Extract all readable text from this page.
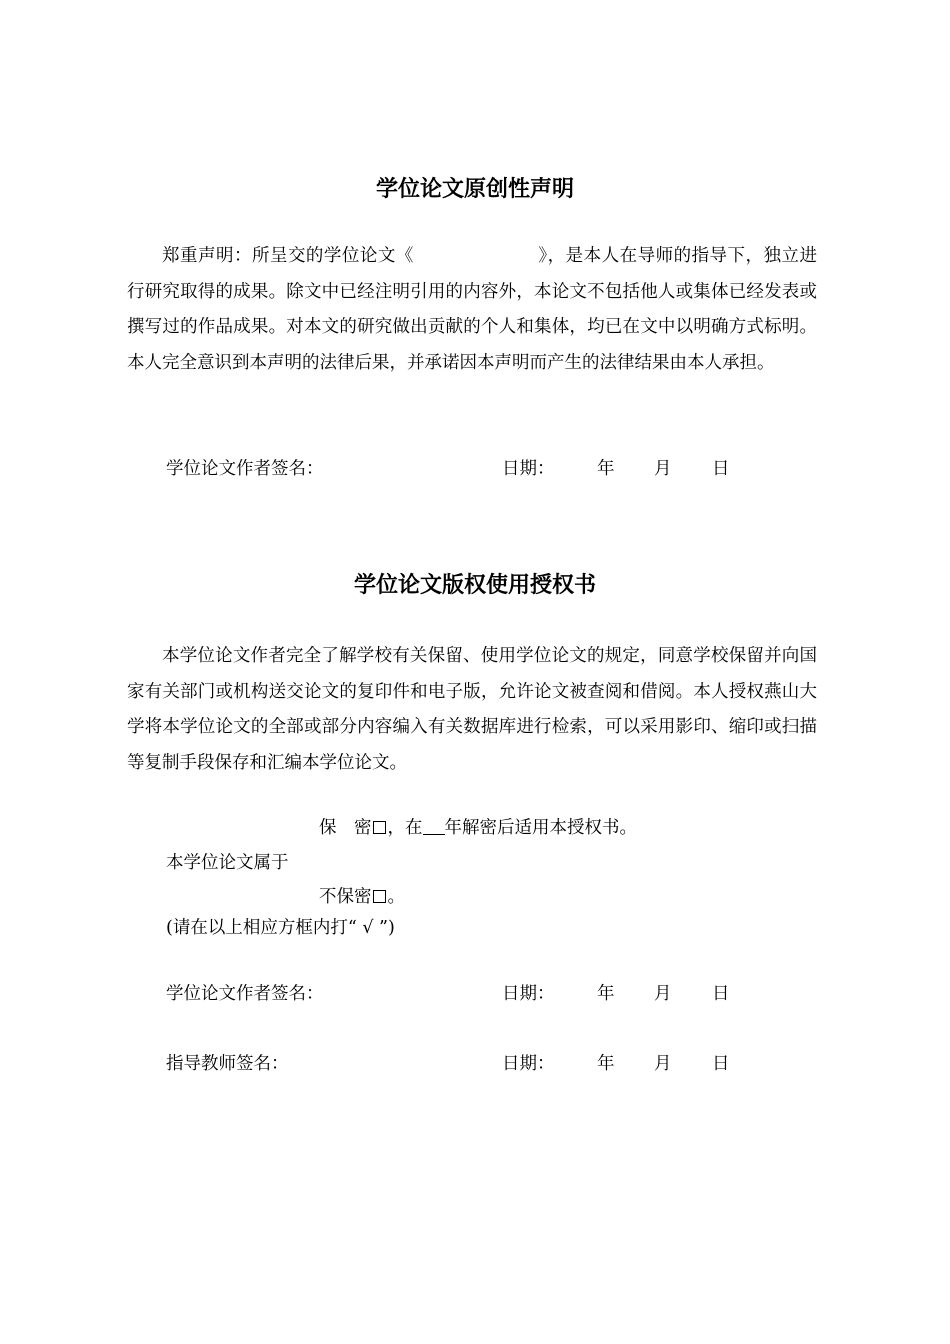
学位论文原创性声明

郑重声明：所呈交的学位论文《	》，是本人在导师的指导下，独立进行研究取得的成果。除文中已经注明引用的内容外，本论文不包括他人或集体已经发表或撰写过的作品成果。对本文的研究做出贡献的个人和集体，均已在文中以明确方式标明。本人完全意识到本声明的法律后果，并承诺因本声明而产生的法律结果由本人承担。

学位论文作者签名：	日期： 年 月 日
学位论文版权使用授权书

本学位论文作者完全了解学校有关保留、使用学位论文的规定，同意学校保留并向国家有关部门或机构送交论文的复印件和电子版，允许论文被查阅和借阅。本人授权燕山大学将本学位论文的全部或部分内容编入有关数据库进行检索，可以采用影印、缩印或扫描等复制手段保存和汇编本学位论文。

保　密 ，在 年解密后适用本授权书。
本学位论文属于
不保密 。
(请在以上相应方框内打“ √ ”)
学位论文作者签名：	日期： 年 月 日
指导教师签名：	日期： 年 月 日
